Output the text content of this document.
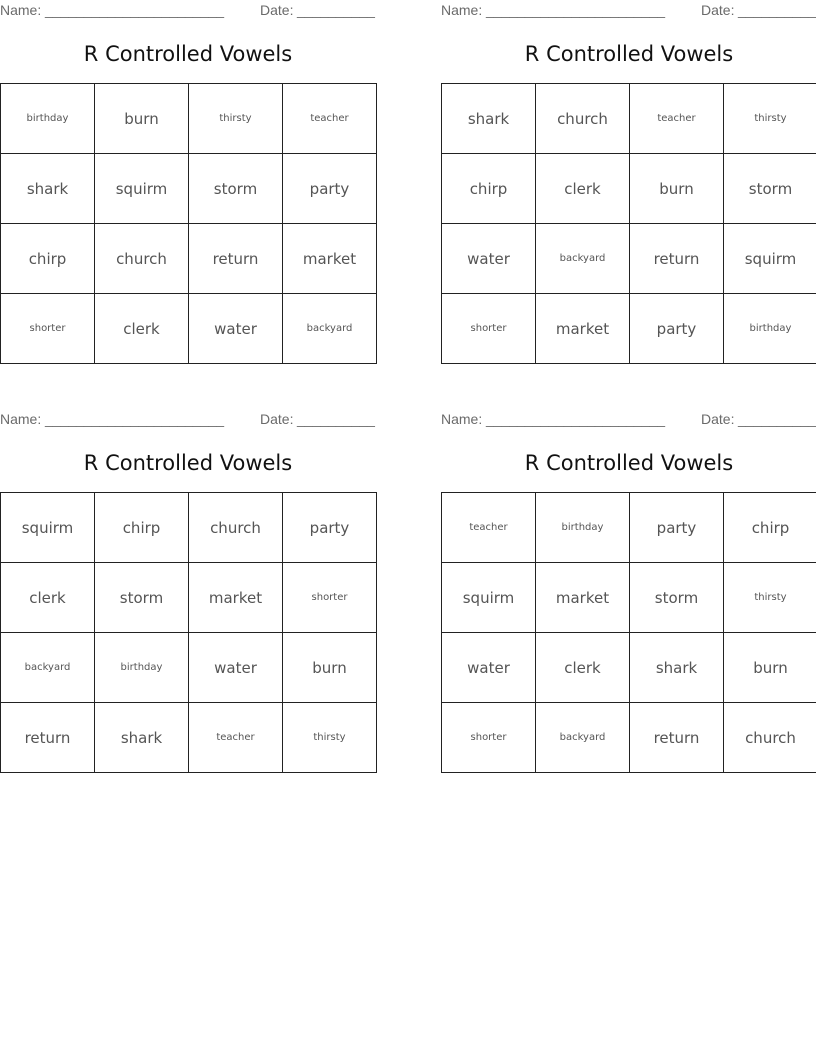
Name: _______________________	Date: __________
R Controlled Vowels
birthday	burn	thirsty	teacher
shark	squirm	storm	party
chirp	church	return	market
shorter	clerk	water	backyard
Name: _______________________	Date: __________
R Controlled Vowels
shark	church	teacher	thirsty
chirp	clerk	burn	storm
water	backyard	return	squirm
shorter	market	party	birthday
Name: _______________________	Date: __________
R Controlled Vowels
squirm	chirp	church	party
clerk	storm	market	shorter
backyard	birthday	water	burn
return	shark	teacher	thirsty
Name: _______________________	Date: __________
R Controlled Vowels
teacher	birthday	party	chirp
squirm	market	storm	thirsty
water	clerk	shark	burn
shorter	backyard	return	church
